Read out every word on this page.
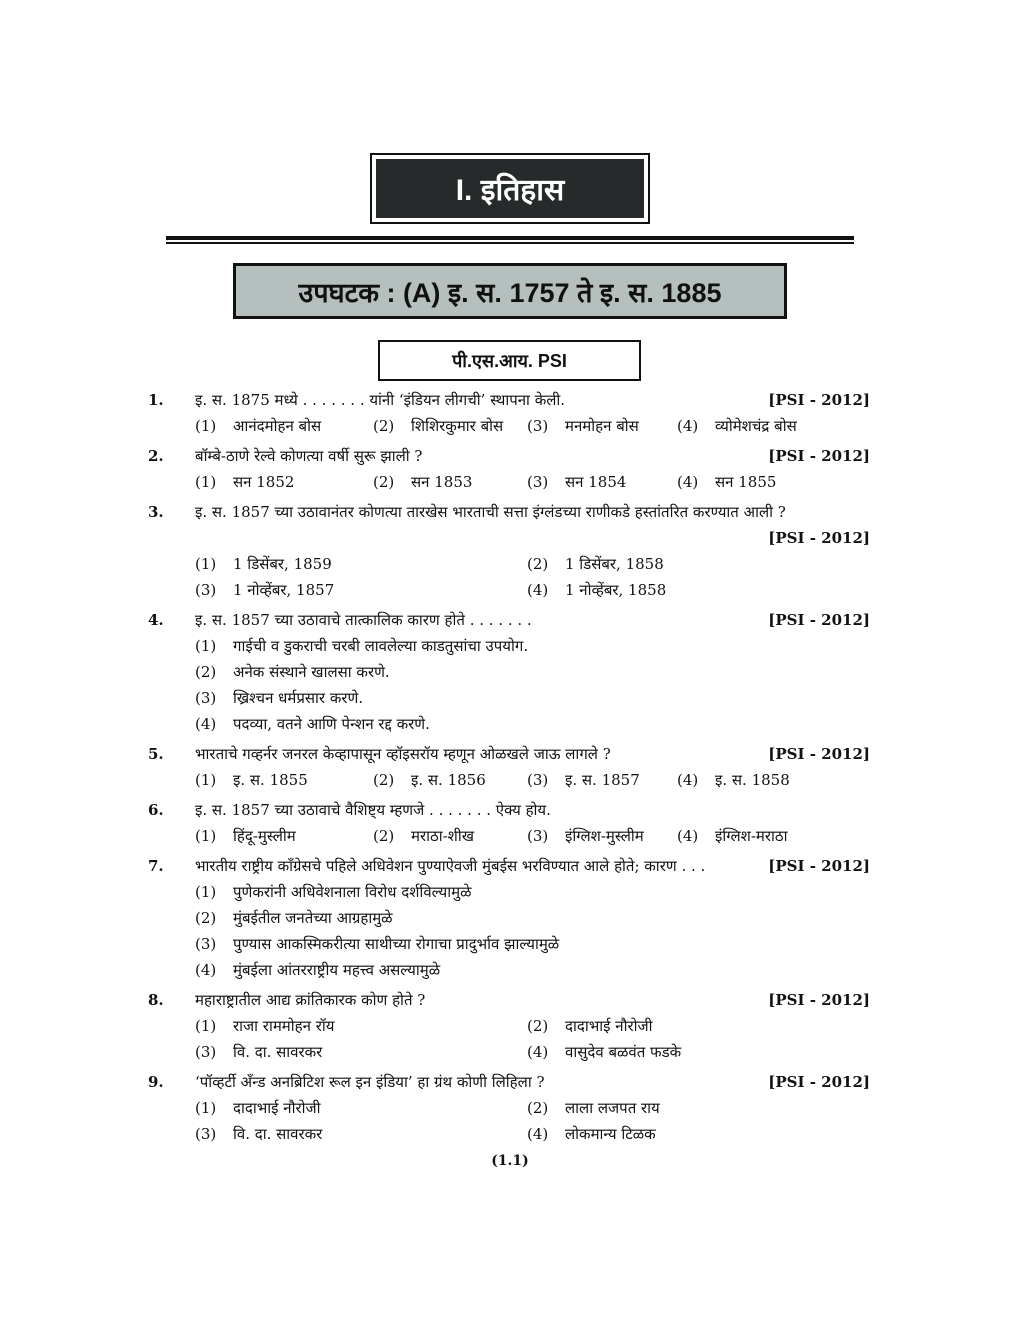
I. इतिहास
उपघटक : (A) इ. स. 1757 ते इ. स. 1885
पी.एस.आय. PSI
1. इ. स. 1875 मध्ये . . . . . . . यांनी ‘इंडियन लीगची’ स्थापना केली.	[PSI - 2012]
(1) आनंदमोहन बोस	(2) शिशिरकुमार बोस (3) मनमोहन बोस	(4) व्योमेशचंद्र बोस
2. बॉम्बे-ठाणे रेल्वे कोणत्या वर्षी सुरू झाली ?	[PSI - 2012]
(1) सन 1852	(2) सन 1853	(3) सन 1854	(4) सन 1855
3. इ. स. 1857 च्या उठावानंतर कोणत्या तारखेस भारताची सत्ता इंग्लंडच्या राणीकडे हस्तांतरित करण्यात आली ?
[PSI - 2012]
(1) 1 डिसेंबर, 1859	(2) 1 डिसेंबर, 1858
(3) 1 नोव्हेंबर, 1857	(4) 1 नोव्हेंबर, 1858
4. इ. स. 1857 च्या उठावाचे तात्कालिक कारण होते . . . . . . .	[PSI - 2012]
(1) गाईची व डुकराची चरबी लावलेल्या काडतुसांचा उपयोग.
(2) अनेक संस्थाने खालसा करणे.
(3) ख्रिश्चन धर्मप्रसार करणे.
(4) पदव्या, वतने आणि पेन्शन रद्द करणे.
5. भारताचे गव्हर्नर जनरल केव्हापासून व्हॉइसरॉय म्हणून ओळखले जाऊ लागले ?	[PSI - 2012]
(1) इ. स. 1855	(2) इ. स. 1856	(3) इ. स. 1857 (4) इ. स. 1858
6. इ. स. 1857 च्या उठावाचे वैशिष्ट्य म्हणजे . . . . . . . ऐक्य होय.
(1) हिंदू-मुस्लीम	(2) मराठा-शीख	(3) इंग्लिश-मुस्लीम (4) इंग्लिश-मराठा
7. भारतीय राष्ट्रीय काँग्रेसचे पहिले अधिवेशन पुण्याऐवजी मुंबईस भरविण्यात आले होते; कारण . . .	[PSI - 2012]
(1) पुणेकरांनी अधिवेशनाला विरोध दर्शविल्यामुळे
(2) मुंबईतील जनतेच्या आग्रहामुळे
(3) पुण्यास आकस्मिकरीत्या साथीच्या रोगाचा प्रादुर्भाव झाल्यामुळे
(4) मुंबईला आंतरराष्ट्रीय महत्त्व असल्यामुळे
8. महाराष्ट्रातील आद्य क्रांतिकारक कोण होते ?	[PSI - 2012]
(1) राजा राममोहन रॉय	(2) दादाभाई नौरोजी
(3) वि. दा. सावरकर	(4) वासुदेव बळवंत फडके
9. ‘पॉव्हर्टी अँन्ड अनब्रिटिश रूल इन इंडिया’ हा ग्रंथ कोणी लिहिला ?	[PSI - 2012]
(1) दादाभाई नौरोजी	(2) लाला लजपत राय
(3) वि. दा. सावरकर	(4) लोकमान्य टिळक
(1.1)
